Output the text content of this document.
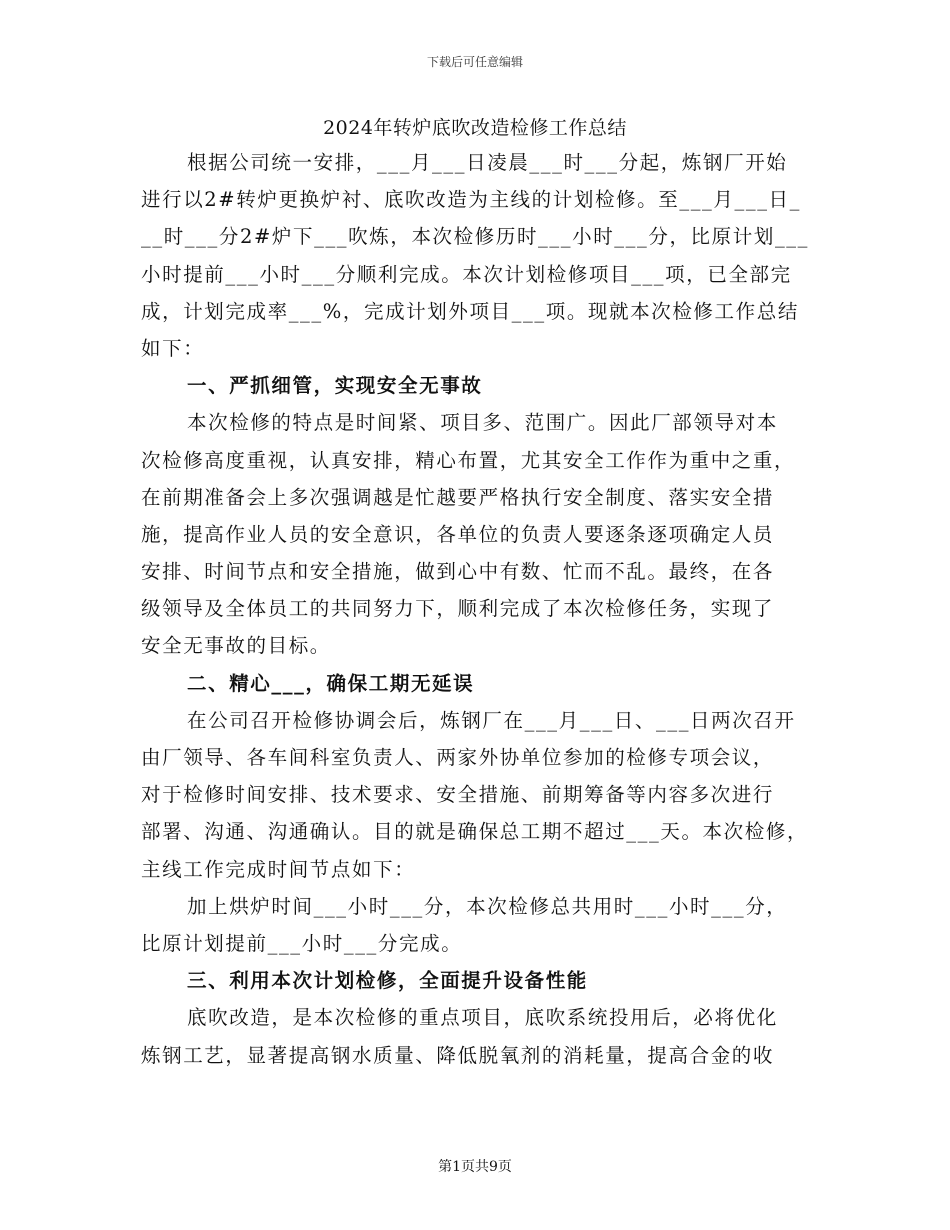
下载后可任意编辑
2024年转炉底吹改造检修工作总结
根据公司统一安排，___月___日凌晨___时___分起，炼钢厂开始
进行以2#转炉更换炉衬、底吹改造为主线的计划检修。至___月___日_
__时___分2#炉下___吹炼，本次检修历时___小时___分，比原计划___
小时提前___小时___分顺利完成。本次计划检修项目___项，已全部完
成，计划完成率___%，完成计划外项目___项。现就本次检修工作总结
如下：
一、严抓细管，实现安全无事故
本次检修的特点是时间紧、项目多、范围广。因此厂部领导对本
次检修高度重视，认真安排，精心布置，尤其安全工作作为重中之重，
在前期准备会上多次强调越是忙越要严格执行安全制度、落实安全措
施，提高作业人员的安全意识，各单位的负责人要逐条逐项确定人员
安排、时间节点和安全措施，做到心中有数、忙而不乱。最终，在各
级领导及全体员工的共同努力下，顺利完成了本次检修任务，实现了
安全无事故的目标。
二、精心___，确保工期无延误
在公司召开检修协调会后，炼钢厂在___月___日、___日两次召开
由厂领导、各车间科室负责人、两家外协单位参加的检修专项会议，
对于检修时间安排、技术要求、安全措施、前期筹备等内容多次进行
部署、沟通、沟通确认。目的就是确保总工期不超过___天。本次检修，
主线工作完成时间节点如下：
加上烘炉时间___小时___分，本次检修总共用时___小时___分，
比原计划提前___小时___分完成。
三、利用本次计划检修，全面提升设备性能
底吹改造，是本次检修的重点项目，底吹系统投用后，必将优化
炼钢工艺，显著提高钢水质量、降低脱氧剂的消耗量，提高合金的收
第1页共9页
